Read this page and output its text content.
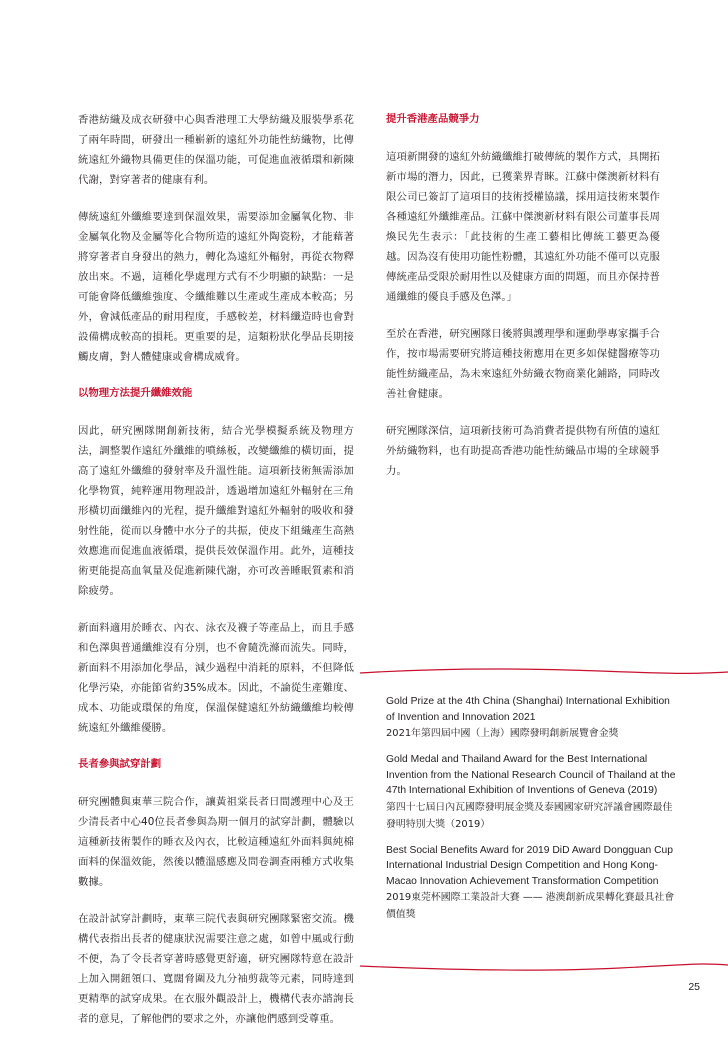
香港紡織及成衣研發中心與香港理工大學紡織及服裝學系花了兩年時間，研發出一種嶄新的遠紅外功能性紡織物，比傳統遠紅外織物具備更佳的保溫功能，可促進血液循環和新陳代謝，對穿著者的健康有利。

傳統遠紅外纖維要達到保溫效果，需要添加金屬氧化物、非金屬氧化物及金屬等化合物所造的遠紅外陶瓷粉，才能藉著將穿著者自身發出的熱力，轉化為遠紅外輻射，再從衣物釋放出來。不過，這種化學處理方式有不少明顯的缺點：一是可能會降低纖維強度、令纖維難以生產或生產成本較高；另外，會減低產品的耐用程度，手感較差，材料纖造時也會對設備構成較高的損耗。更重要的是，這類粉狀化學品長期接觸皮膚，對人體健康或會構成威脅。

以物理方法提升纖維效能

因此，研究團隊開創新技術，結合光學模擬系統及物理方法，調整製作遠紅外纖維的噴絲板，改變纖維的橫切面，提高了遠紅外纖維的發射率及升溫性能。這項新技術無需添加化學物質，純粹運用物理設計，透過增加遠紅外輻射在三角形橫切面纖維內的光程，提升纖維對遠紅外輻射的吸收和發射性能，從而以身體中水分子的共振，使皮下組織產生高熱效應進而促進血液循環，提供長效保溫作用。此外，這種技術更能提高血氧量及促進新陳代謝，亦可改善睡眠質素和消除疲勞。

新面料適用於睡衣、內衣、泳衣及襪子等產品上，而且手感和色澤與普通纖維沒有分別，也不會隨洗滌而流失。同時，新面料不用添加化學品，減少過程中消耗的原料，不但降低化學污染，亦能節省約35%成本。因此，不論從生產難度、成本、功能或環保的角度，保溫保健遠紅外紡織纖維均較傳統遠紅外纖維優勝。

長者參與試穿計劃

研究團體與東華三院合作，讓黃祖棠長者日間護理中心及王少清長者中心40位長者參與為期一個月的試穿計劃，體驗以這種新技術製作的睡衣及內衣，比較這種遠紅外面料與純棉面料的保溫效能，然後以體溫感應及問卷調查兩種方式收集數據。

在設計試穿計劃時，東華三院代表與研究團隊緊密交流。機構代表指出長者的健康狀況需要注意之處，如曾中風或行動不便，為了令長者穿著時感覺更舒適，研究團隊特意在設計上加入開鈕領口、寬闊脅圍及九分袖剪裁等元素，同時達到更精準的試穿成果。在衣服外觀設計上，機構代表亦諮詢長者的意見，了解他們的要求之外，亦讓他們感到受尊重。

提升香港產品競爭力

這項新開發的遠紅外紡織纖維打破傳統的製作方式，具開拓新市場的潛力，因此，已獲業界青睞。江蘇中傑澳新材料有限公司已簽訂了這項目的技術授權協議，採用這技術來製作各種遠紅外纖維產品。江蘇中傑澳新材料有限公司董事長周煥民先生表示：「此技術的生產工藝相比傳統工藝更為優越。因為沒有使用功能性粉體，其遠紅外功能不僅可以克服傳統產品受限於耐用性以及健康方面的問題，而且亦保持普通纖維的優良手感及色澤。」

至於在香港，研究團隊日後將與護理學和運動學專家攜手合作，按市場需要研究將這種技術應用在更多如保健醫療等功能性紡織產品，為未來遠紅外紡織衣物商業化鋪路，同時改善社會健康。

研究團隊深信，這項新技術可為消費者提供物有所值的遠紅外紡織物料，也有助提高香港功能性紡織品市場的全球競爭力。

Gold Prize at the 4th China (Shanghai) International Exhibition of Invention and Innovation 2021
2021年第四屆中國（上海）國際發明創新展覽會金獎
Gold Medal and Thailand Award for the Best International Invention from the National Research Council of Thailand at the 47th International Exhibition of Inventions of Geneva (2019)
第四十七屆日內瓦國際發明展金獎及泰國國家研究評議會國際最佳發明特別大獎（2019）
Best Social Benefits Award for 2019 DiD Award Dongguan Cup International Industrial Design Competition and Hong Kong-Macao Innovation Achievement Transformation Competition
2019東莞杯國際工業設計大賽 —— 港澳創新成果轉化賽最具社會價值獎
25
